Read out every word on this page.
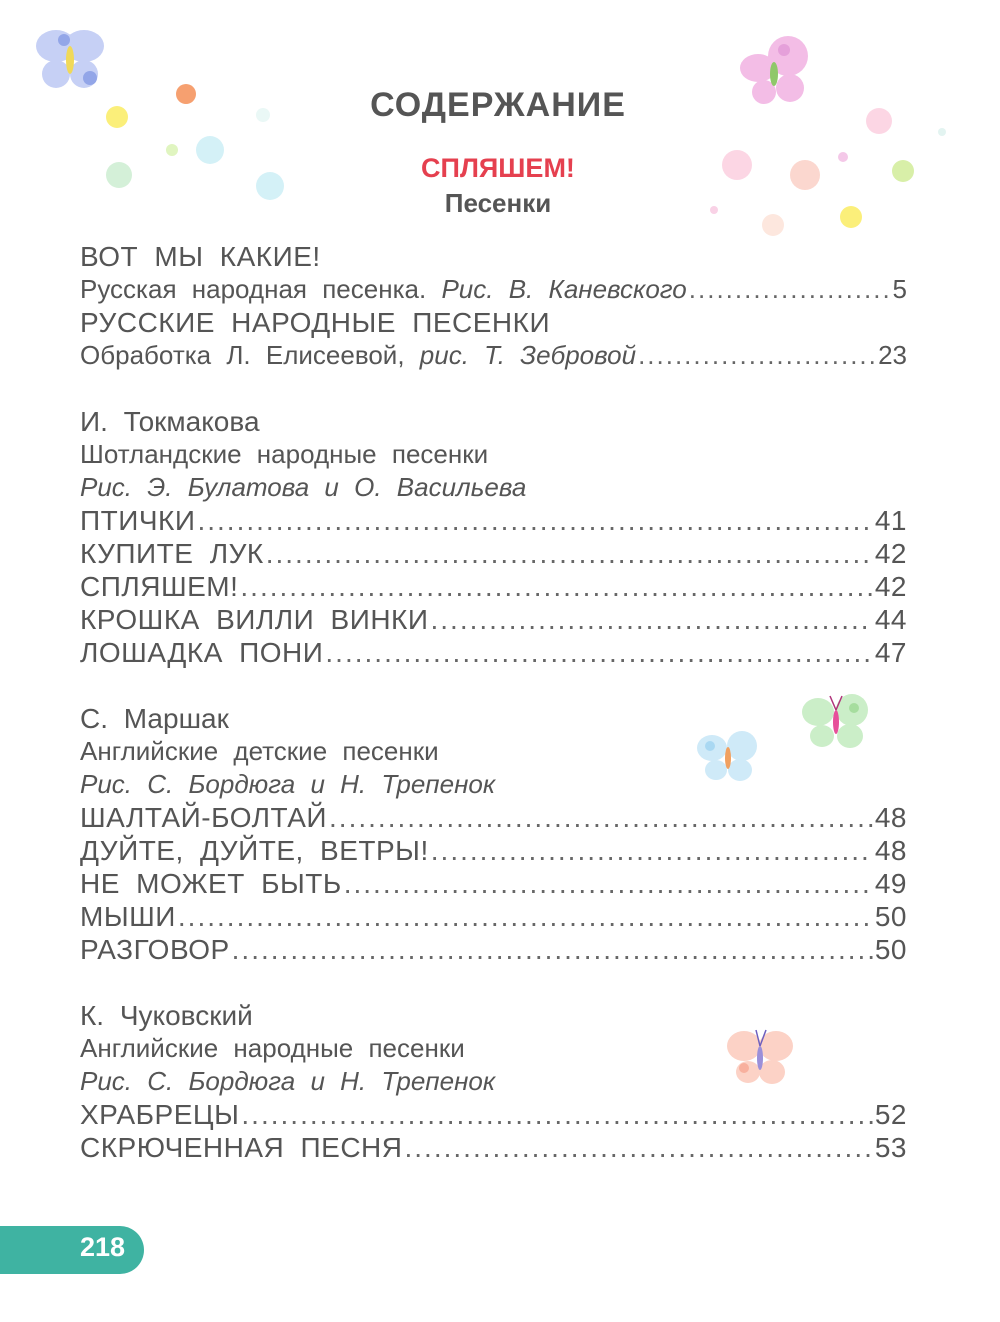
СОДЕРЖАНИЕ
СПЛЯШЕМ!
Песенки
ВОТ МЫ КАКИЕ!
Русская народная песенка.
Рис. В. Каневского .....	5
РУССКИЕ НАРОДНЫЕ ПЕСЕНКИ
Обработка Л. Елисеевой,
рис. Т. Зебровой .....	23
И. Токмакова
Шотландские народные песенки
Рис. Э. Булатова и О. Васильева
ПТИЧКИ .....	41
КУПИТЕ ЛУК .....	42
СПЛЯШЕМ! .....	42
КРОШКА ВИЛЛИ ВИНКИ .....	44
ЛОШАДКА ПОНИ .....	47
С. Маршак
Английские детские песенки
Рис. С. Бордюга и Н. Трепенок
ШАЛТАЙ-БОЛТАЙ .....	48
ДУЙТЕ, ДУЙТЕ, ВЕТРЫ! .....	48
НЕ МОЖЕТ БЫТЬ .....	49
МЫШИ .....	50
РАЗГОВОР .....	50
К. Чуковский
Английские народные песенки
Рис. С. Бордюга и Н. Трепенок
ХРАБРЕЦЫ .....	52
СКРЮЧЕННАЯ ПЕСНЯ .....	53
218
